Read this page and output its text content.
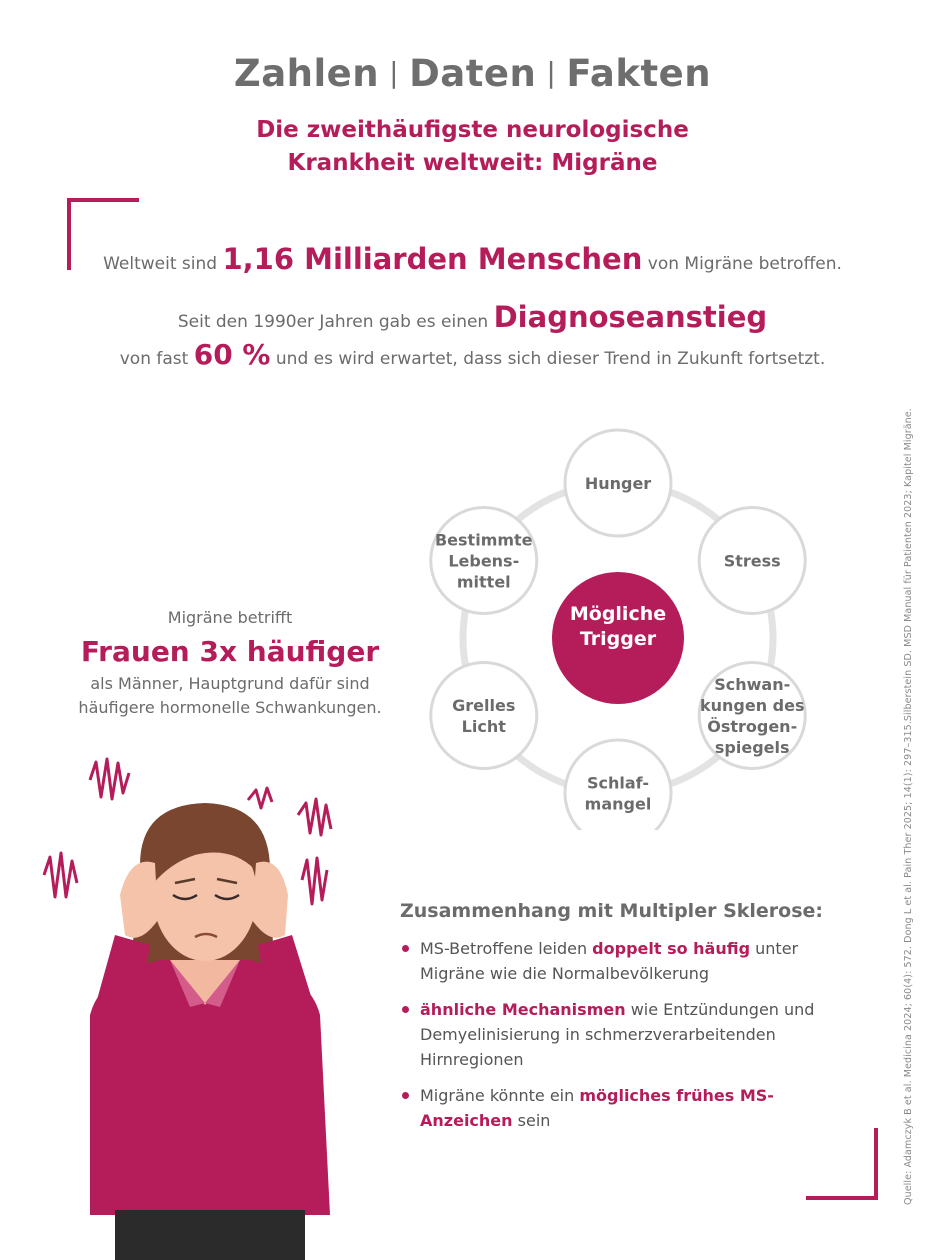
Zahlen | Daten | Fakten
Die zweithäufigste neurologische
Krankheit weltweit: Migräne
Weltweit sind 1,16 Milliarden Menschen von Migräne betroffen.
Seit den 1990er Jahren gab es einen Diagnoseanstieg
von fast 60 % und es wird erwartet, dass sich dieser Trend in Zukunft fortsetzt.
Migräne betrifft
Frauen 3x häufiger
als Männer, Hauptgrund dafür sind
häufigere hormonelle Schwankungen.
Mögliche
Trigger
Hunger
Stress
Schwan-
kungen des
Östrogen-
spiegels
Schlaf-
mangel
Grelles
Licht
Bestimmte
Lebens-
mittel
Zusammenhang mit Multipler Sklerose:
MS-Betroffene leiden doppelt so häufig unter Migräne wie die Normalbevölkerung
ähnliche Mechanismen wie Entzündungen und Demyelinisierung in schmerzverarbeitenden Hirnregionen
Migräne könnte ein mögliches frühes MS-Anzeichen sein	Quelle: Adamczyk B et al. Medicina 2024; 60(4): 572. Dong L et al. Pain Ther 2025; 14(1): 297–315.Silberstein SD. MSD Manual für Patienten 2023; Kapitel Migräne.
